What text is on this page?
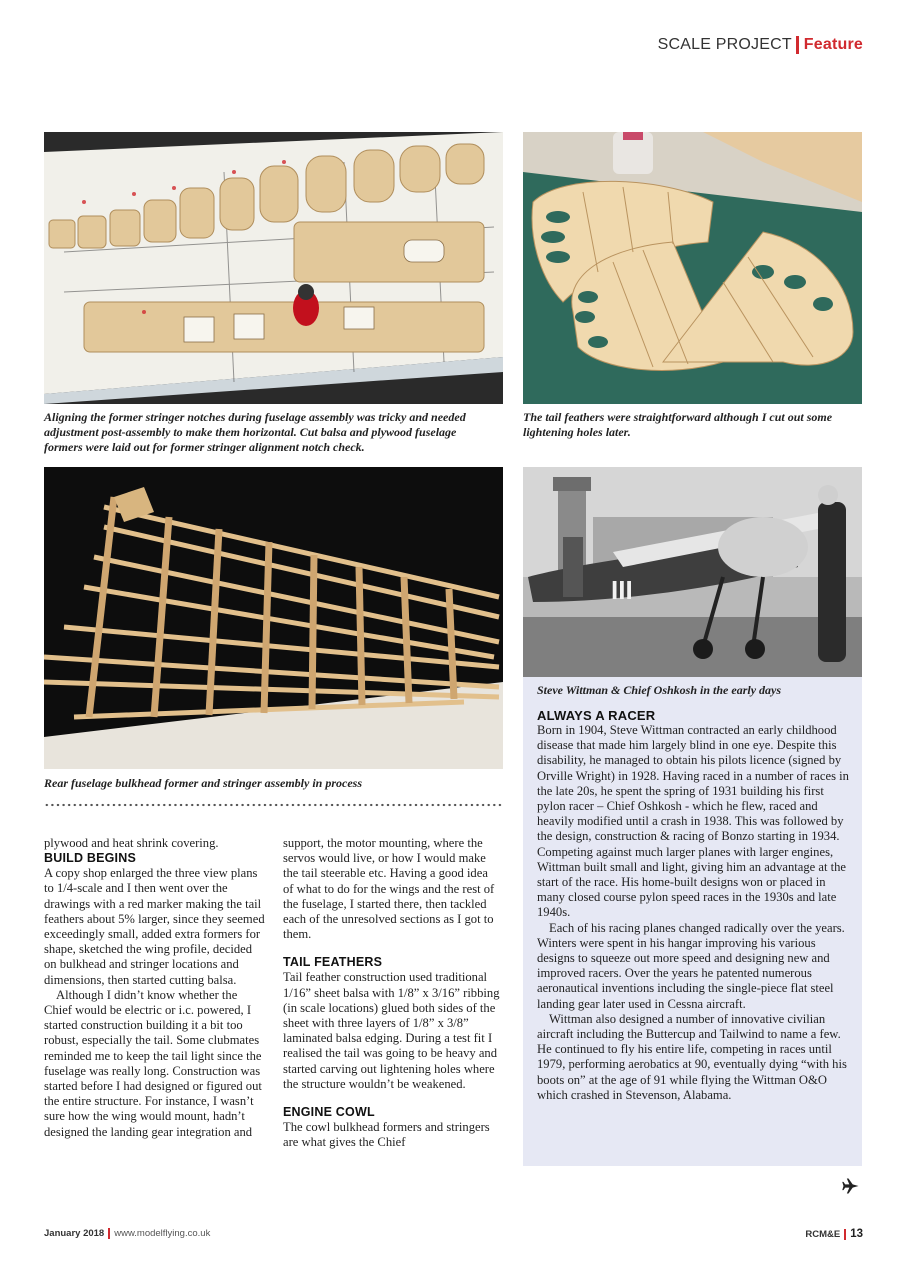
SCALE PROJECT Feature
Aligning the former stringer notches during fuselage assembly was tricky and needed adjustment post-assembly to make them horizontal. Cut balsa and plywood fuselage formers were laid out for former stringer alignment notch check.
The tail feathers were straightforward although I cut out some lightening holes later.
Rear fuselage bulkhead former and stringer assembly in process
III

plywood and heat shrink covering.

BUILD BEGINS

A copy shop enlarged the three view plans to 1/4-scale and I then went over the drawings with a red marker making the tail feathers about 5% larger, since they seemed exceedingly small, added extra formers for shape, sketched the wing profile, decided on bulkhead and stringer locations and dimensions, then started cutting balsa.

Although I didn’t know whether the Chief would be electric or i.c. powered, I started construction building it a bit too robust, especially the tail. Some clubmates reminded me to keep the tail light since the fuselage was really long. Construction was started before I had designed or figured out the entire structure. For instance, I wasn’t sure how the wing would mount, hadn’t designed the landing gear integration and

support, the motor mounting, where the servos would live, or how I would make the tail steerable etc. Having a good idea of what to do for the wings and the rest of the fuselage, I started there, then tackled each of the unresolved sections as I got to them.

TAIL FEATHERS

Tail feather construction used traditional 1/16” sheet balsa with 1/8” x 3/16” ribbing (in scale locations) glued both sides of the sheet with three layers of 1/8” x 3/8” laminated balsa edging. During a test fit I realised the tail was going to be heavy and started carving out lightening holes where the structure wouldn’t be weakened.

ENGINE COWL

The cowl bulkhead formers and stringers are what gives the Chief

Steve Wittman & Chief Oshkosh in the early days
ALWAYS A RACER

Born in 1904, Steve Wittman contracted an early childhood disease that made him largely blind in one eye. Despite this disability, he managed to obtain his pilots licence (signed by Orville Wright) in 1928. Having raced in a number of races in the late 20s, he spent the spring of 1931 building his first pylon racer – Chief Oshkosh - which he flew, raced and heavily modified until a crash in 1938. This was followed by the design, construction & racing of Bonzo starting in 1934. Competing against much larger planes with larger engines, Wittman built small and light, giving him an advantage at the start of the race. His home-built designs won or placed in many closed course pylon speed races in the 1930s and late 1940s.

Each of his racing planes changed radically over the years. Winters were spent in his hangar improving his various designs to squeeze out more speed and designing new and improved racers. Over the years he patented numerous aeronautical inventions including the single-piece flat steel landing gear later used in Cessna aircraft.

Wittman also designed a number of innovative civilian aircraft including the Buttercup and Tailwind to name a few. He continued to fly his entire life, competing in races until 1979, performing aerobatics at 90, eventually dying “with his boots on” at the age of 91 while flying the Wittman O&O which crashed in Stevenson, Alabama.

January 2018 www.modelflying.co.uk	RCM&E 13
